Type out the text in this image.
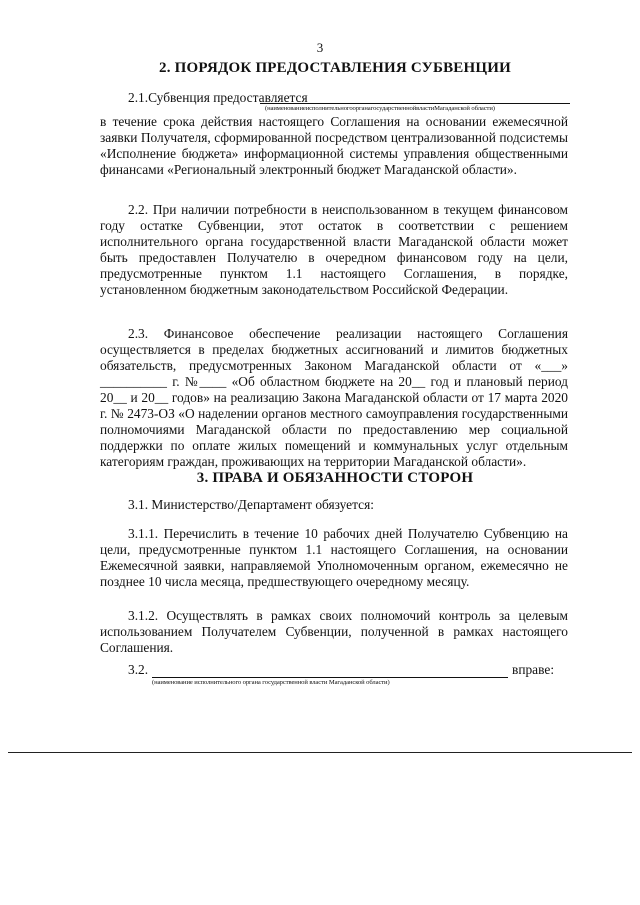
3
2. ПОРЯДОК ПРЕДОСТАВЛЕНИЯ СУБВЕНЦИИ
2.1.Субвенция предоставляется
(наименованиеисполнительногоорганагосударственнойвластиМагаданской области)
в течение срока действия настоящего Соглашения на основании ежемесячной заявки Получателя, сформированной посредством централизованной подсистемы «Исполнение бюджета» информационной системы управления общественными финансами «Региональный электронный бюджет Магаданской области».
2.2. При наличии потребности в неиспользованном в текущем финансовом году остатке Субвенции, этот остаток в соответствии с решением исполнительного органа государственной власти Магаданской области может быть предоставлен Получателю в очередном финансовом году на цели, предусмотренные пунктом 1.1 настоящего Соглашения, в порядке, установленном бюджетным законодательством Российской Федерации.
2.3. Финансовое обеспечение реализации настоящего Соглашения осуществляется в пределах бюджетных ассигнований и лимитов бюджетных обязательств, предусмотренных Законом Магаданской области от «___» __________ г. №____ «Об областном бюджете на 20__ год и плановый период 20__ и 20__ годов» на реализацию Закона Магаданской области от 17 марта 2020 г. № 2473-ОЗ «О наделении органов местного самоуправления государственными полномочиями Магаданской области по предоставлению мер социальной поддержки по оплате жилых помещений и коммунальных услуг отдельным категориям граждан, проживающих на территории Магаданской области».
3. ПРАВА И ОБЯЗАННОСТИ СТОРОН
3.1. Министерство/Департамент обязуется:
3.1.1. Перечислить в течение 10 рабочих дней Получателю Субвенцию на цели, предусмотренные пунктом 1.1 настоящего Соглашения, на основании Ежемесячной заявки, направляемой Уполномоченным органом, ежемесячно не позднее 10 числа месяца, предшествующего очередному месяцу.
3.1.2. Осуществлять в рамках своих полномочий контроль за целевым использованием Получателем Субвенции, полученной в рамках настоящего Соглашения.
3.2.	вправе:
(наименование исполнительного органа государственной власти Магаданской области)
